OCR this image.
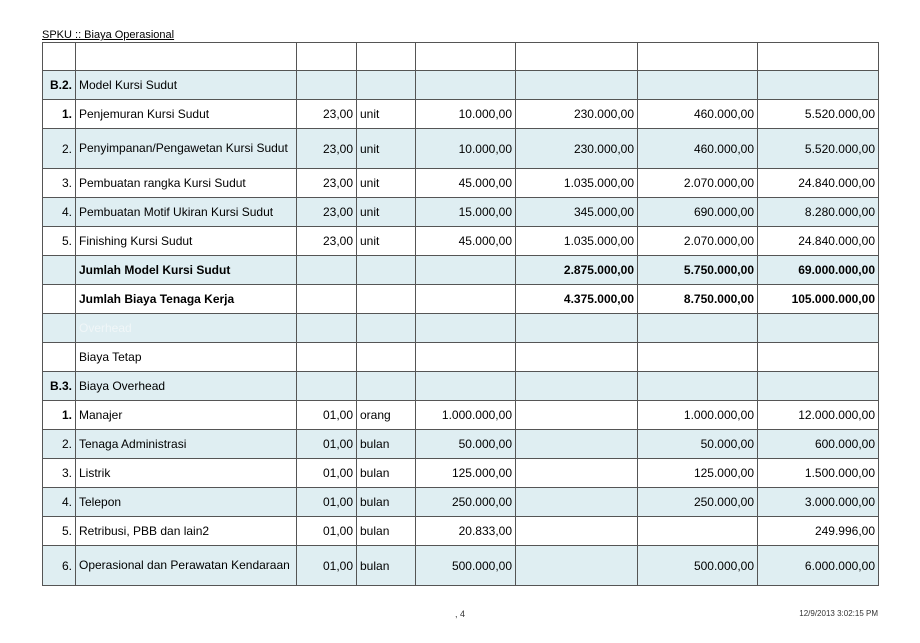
SPKU :: Biaya Operasional

B.2.	Model Kursi Sudut						
1.	Penjemuran Kursi Sudut	23,00	unit	10.000,00	230.000,00	460.000,00	5.520.000,00
2.	Penyimpanan/Pengawetan Kursi Sudut	23,00	unit	10.000,00	230.000,00	460.000,00	5.520.000,00
3.	Pembuatan rangka Kursi Sudut	23,00	unit	45.000,00	1.035.000,00	2.070.000,00	24.840.000,00
4.	Pembuatan Motif Ukiran Kursi Sudut	23,00	unit	15.000,00	345.000,00	690.000,00	8.280.000,00
5.	Finishing Kursi Sudut	23,00	unit	45.000,00	1.035.000,00	2.070.000,00	24.840.000,00
	Jumlah Model Kursi Sudut				2.875.000,00	5.750.000,00	69.000.000,00
	Jumlah Biaya Tenaga Kerja				4.375.000,00	8.750.000,00	105.000.000,00
	Overhead						
	Biaya Tetap						
B.3.	Biaya Overhead						
1.	Manajer	01,00	orang	1.000.000,00		1.000.000,00	12.000.000,00
2.	Tenaga Administrasi	01,00	bulan	50.000,00		50.000,00	600.000,00
3.	Listrik	01,00	bulan	125.000,00		125.000,00	1.500.000,00
4.	Telepon	01,00	bulan	250.000,00		250.000,00	3.000.000,00
5.	Retribusi, PBB dan lain2	01,00	bulan	20.833,00			249.996,00
6.	Operasional dan Perawatan Kendaraan	01,00	bulan	500.000,00		500.000,00	6.000.000,00
, 4	12/9/2013 3:02:15 PM
